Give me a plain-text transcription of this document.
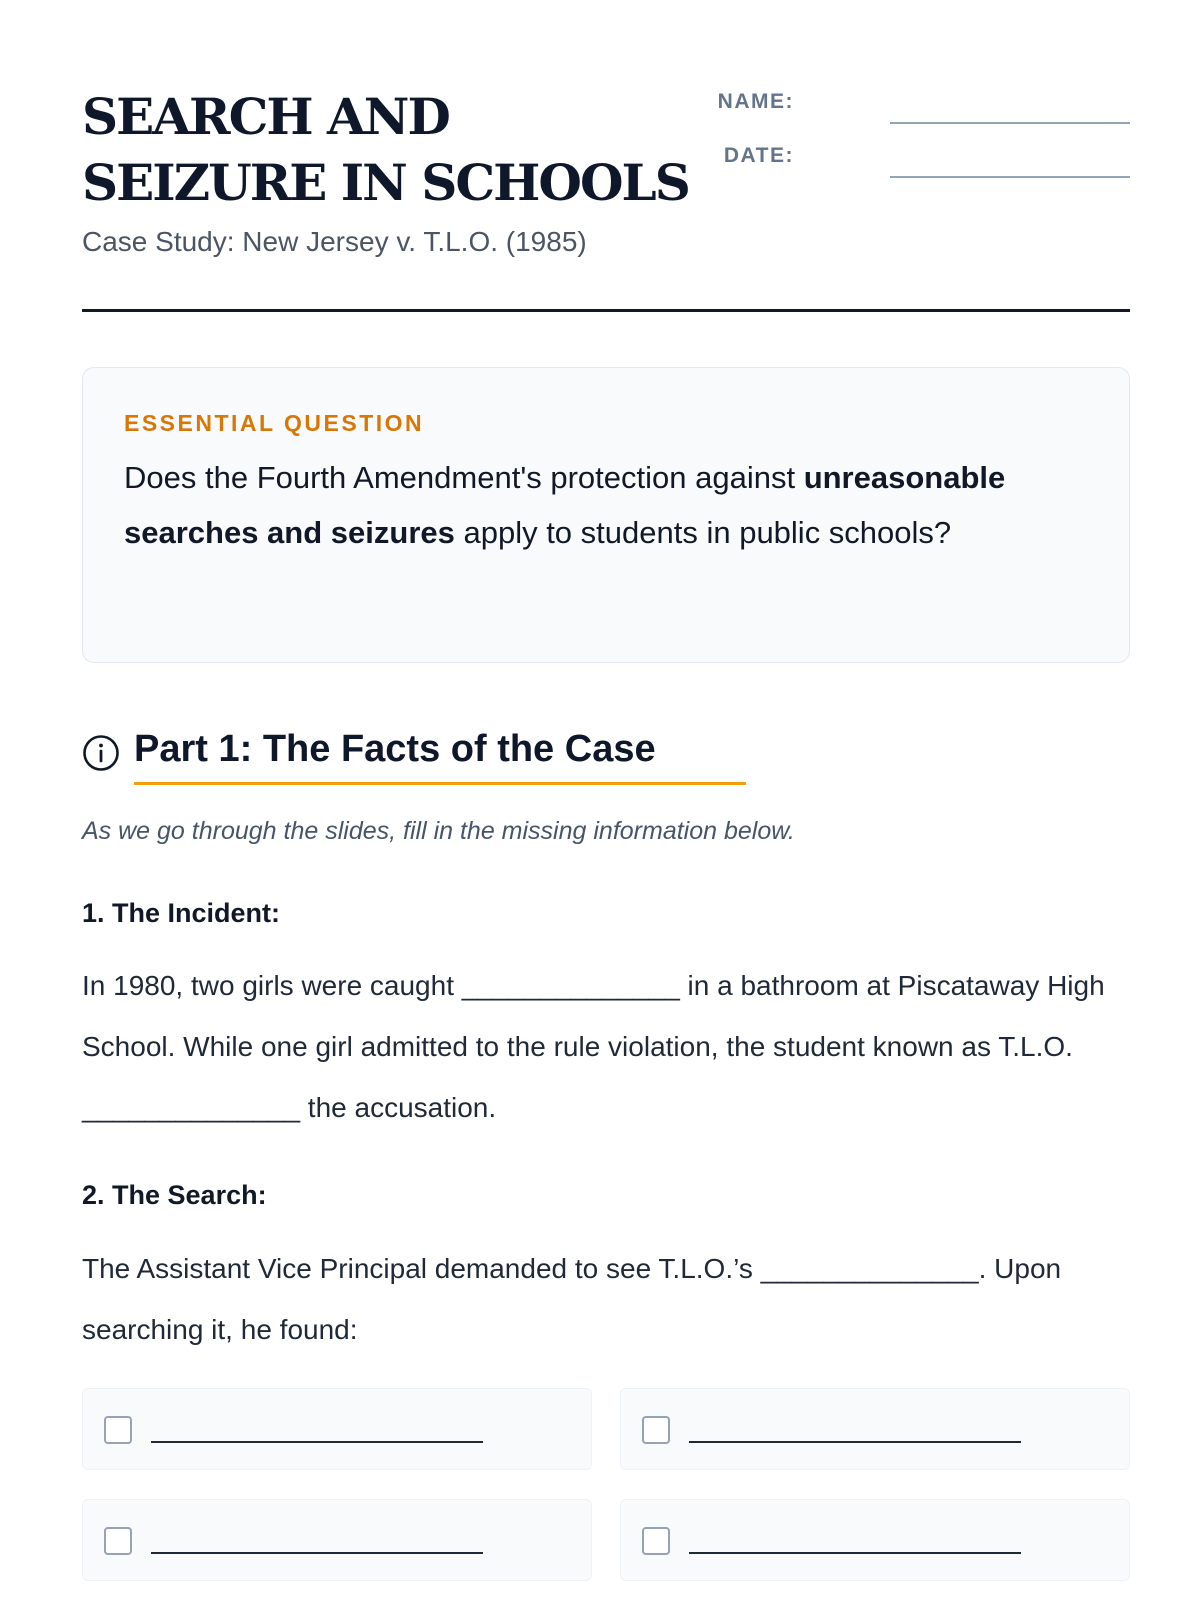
SEARCH AND
SEIZURE IN SCHOOLS
Case Study: New Jersey v. T.L.O. (1985)
NAME:
DATE:
ESSENTIAL QUESTION

Does the Fourth Amendment's protection against unreasonable searches and seizures apply to students in public schools?

Part 1: The Facts of the Case
As we go through the slides, fill in the missing information below.
1. The Incident:

In 1980, two girls were caught ______________ in a bathroom at Piscataway High School. While one girl admitted to the rule violation, the student known as T.L.O. ______________ the accusation.

2. The Search:

The Assistant Vice Principal demanded to see T.L.O.’s ______________. Upon searching it, he found:
